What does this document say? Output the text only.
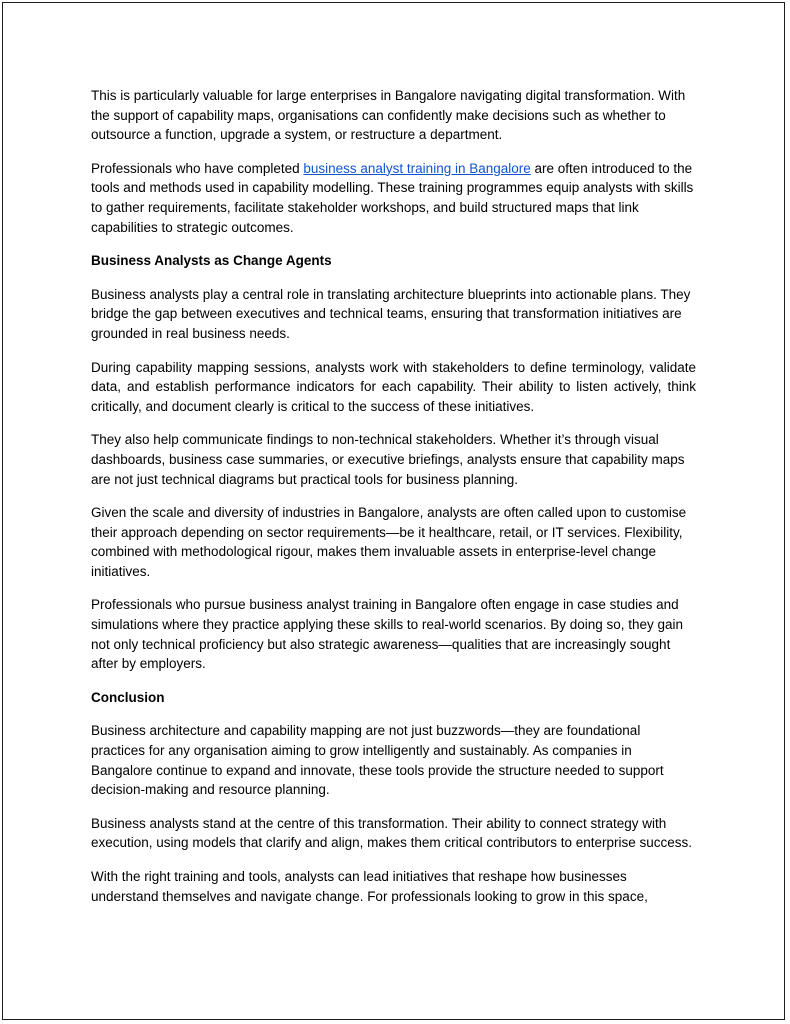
This is particularly valuable for large enterprises in Bangalore navigating digital transformation. With the support of capability maps, organisations can confidently make decisions such as whether to outsource a function, upgrade a system, or restructure a department.

Professionals who have completed business analyst training in Bangalore are often introduced to the tools and methods used in capability modelling. These training programmes equip analysts with skills to gather requirements, facilitate stakeholder workshops, and build structured maps that link capabilities to strategic outcomes.

Business Analysts as Change Agents

Business analysts play a central role in translating architecture blueprints into actionable plans. They bridge the gap between executives and technical teams, ensuring that transformation initiatives are grounded in real business needs.

During capability mapping sessions, analysts work with stakeholders to define terminology, validate data, and establish performance indicators for each capability. Their ability to listen actively, think critically, and document clearly is critical to the success of these initiatives.

They also help communicate findings to non-technical stakeholders. Whether it’s through visual dashboards, business case summaries, or executive briefings, analysts ensure that capability maps are not just technical diagrams but practical tools for business planning.

Given the scale and diversity of industries in Bangalore, analysts are often called upon to customise their approach depending on sector requirements—be it healthcare, retail, or IT services. Flexibility, combined with methodological rigour, makes them invaluable assets in enterprise-level change initiatives.

Professionals who pursue business analyst training in Bangalore often engage in case studies and simulations where they practice applying these skills to real-world scenarios. By doing so, they gain not only technical proficiency but also strategic awareness—qualities that are increasingly sought after by employers.

Conclusion

Business architecture and capability mapping are not just buzzwords—they are foundational practices for any organisation aiming to grow intelligently and sustainably. As companies in Bangalore continue to expand and innovate, these tools provide the structure needed to support decision-making and resource planning.

Business analysts stand at the centre of this transformation. Their ability to connect strategy with execution, using models that clarify and align, makes them critical contributors to enterprise success.

With the right training and tools, analysts can lead initiatives that reshape how businesses understand themselves and navigate change. For professionals looking to grow in this space,
